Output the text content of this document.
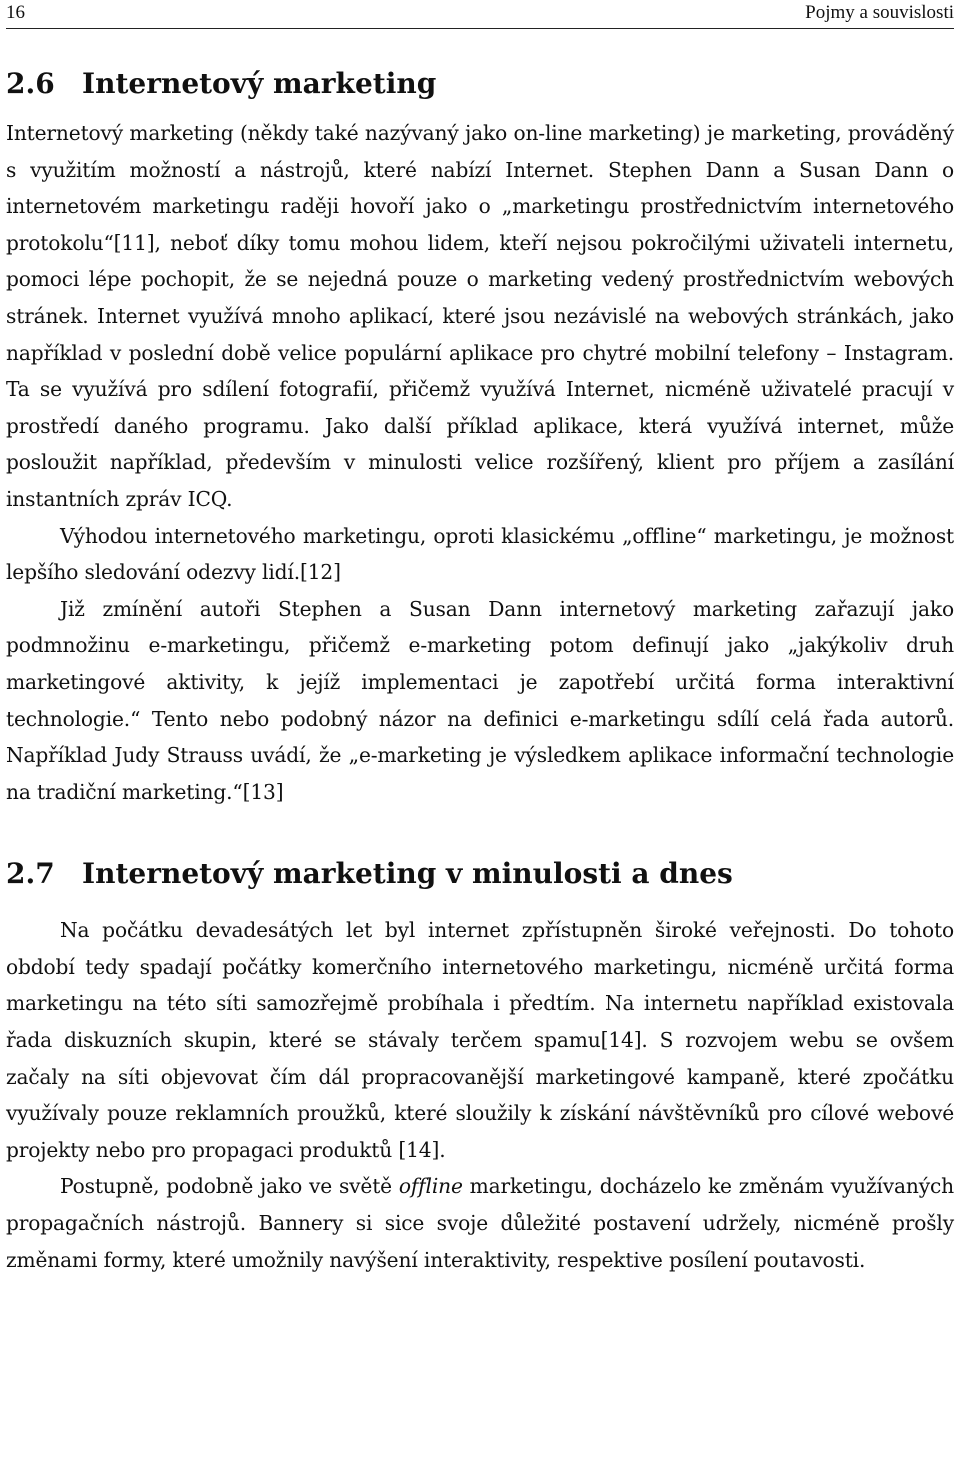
16	Pojmy a souvislosti
2.6 Internetový marketing

Internetový marketing (někdy také nazývaný jako on-line marketing) je marketing, prováděný s využitím možností a nástrojů, které nabízí Internet. Stephen Dann a Susan Dann o internetovém marketingu raději hovoří jako o „marketingu prostřednictvím internetového protokolu“[11], neboť díky tomu mohou lidem, kteří nejsou pokročilými uživateli internetu, pomoci lépe pochopit, že se nejedná pouze o marketing vedený prostřednictvím webových stránek. Internet využívá mnoho aplikací, které jsou nezávislé na webových stránkách, jako například v poslední době velice populární aplikace pro chytré mobilní telefony – Instagram. Ta se využívá pro sdílení fotografií, přičemž využívá Internet, nicméně uživatelé pracují v prostředí daného programu. Jako další příklad aplikace, která využívá internet, může posloužit například, především v minulosti velice rozšířený, klient pro příjem a zasílání instantních zpráv ICQ.

Výhodou internetového marketingu, oproti klasickému „offline“ marketingu, je možnost lepšího sledování odezvy lidí.[12]

Již zmínění autoři Stephen a Susan Dann internetový marketing zařazují jako podmnožinu e-marketingu, přičemž e-marketing potom definují jako „jakýkoliv druh marketingové aktivity, k jejíž implementaci je zapotřebí určitá forma interaktivní technologie.“ Tento nebo podobný názor na definici e-marketingu sdílí celá řada autorů. Například Judy Strauss uvádí, že „e-marketing je výsledkem aplikace informační technologie na tradiční marketing.“[13]

2.7 Internetový marketing v minulosti a dnes

Na počátku devadesátých let byl internet zpřístupněn široké veřejnosti. Do tohoto období tedy spadají počátky komerčního internetového marketingu, nicméně určitá forma marketingu na této síti samozřejmě probíhala i předtím. Na internetu například existovala řada diskuzních skupin, které se stávaly terčem spamu[14]. S rozvojem webu se ovšem začaly na síti objevovat čím dál propracovanější marketingové kampaně, které zpočátku využívaly pouze reklamních proužků, které sloužily k získání návštěvníků pro cílové webové projekty nebo pro propagaci produktů [14].

Postupně, podobně jako ve světě offline marketingu, docházelo ke změnám využívaných propagačních nástrojů. Bannery si sice svoje důležité postavení udržely, nicméně prošly změnami formy, které umožnily navýšení interaktivity, respektive posílení poutavosti.
